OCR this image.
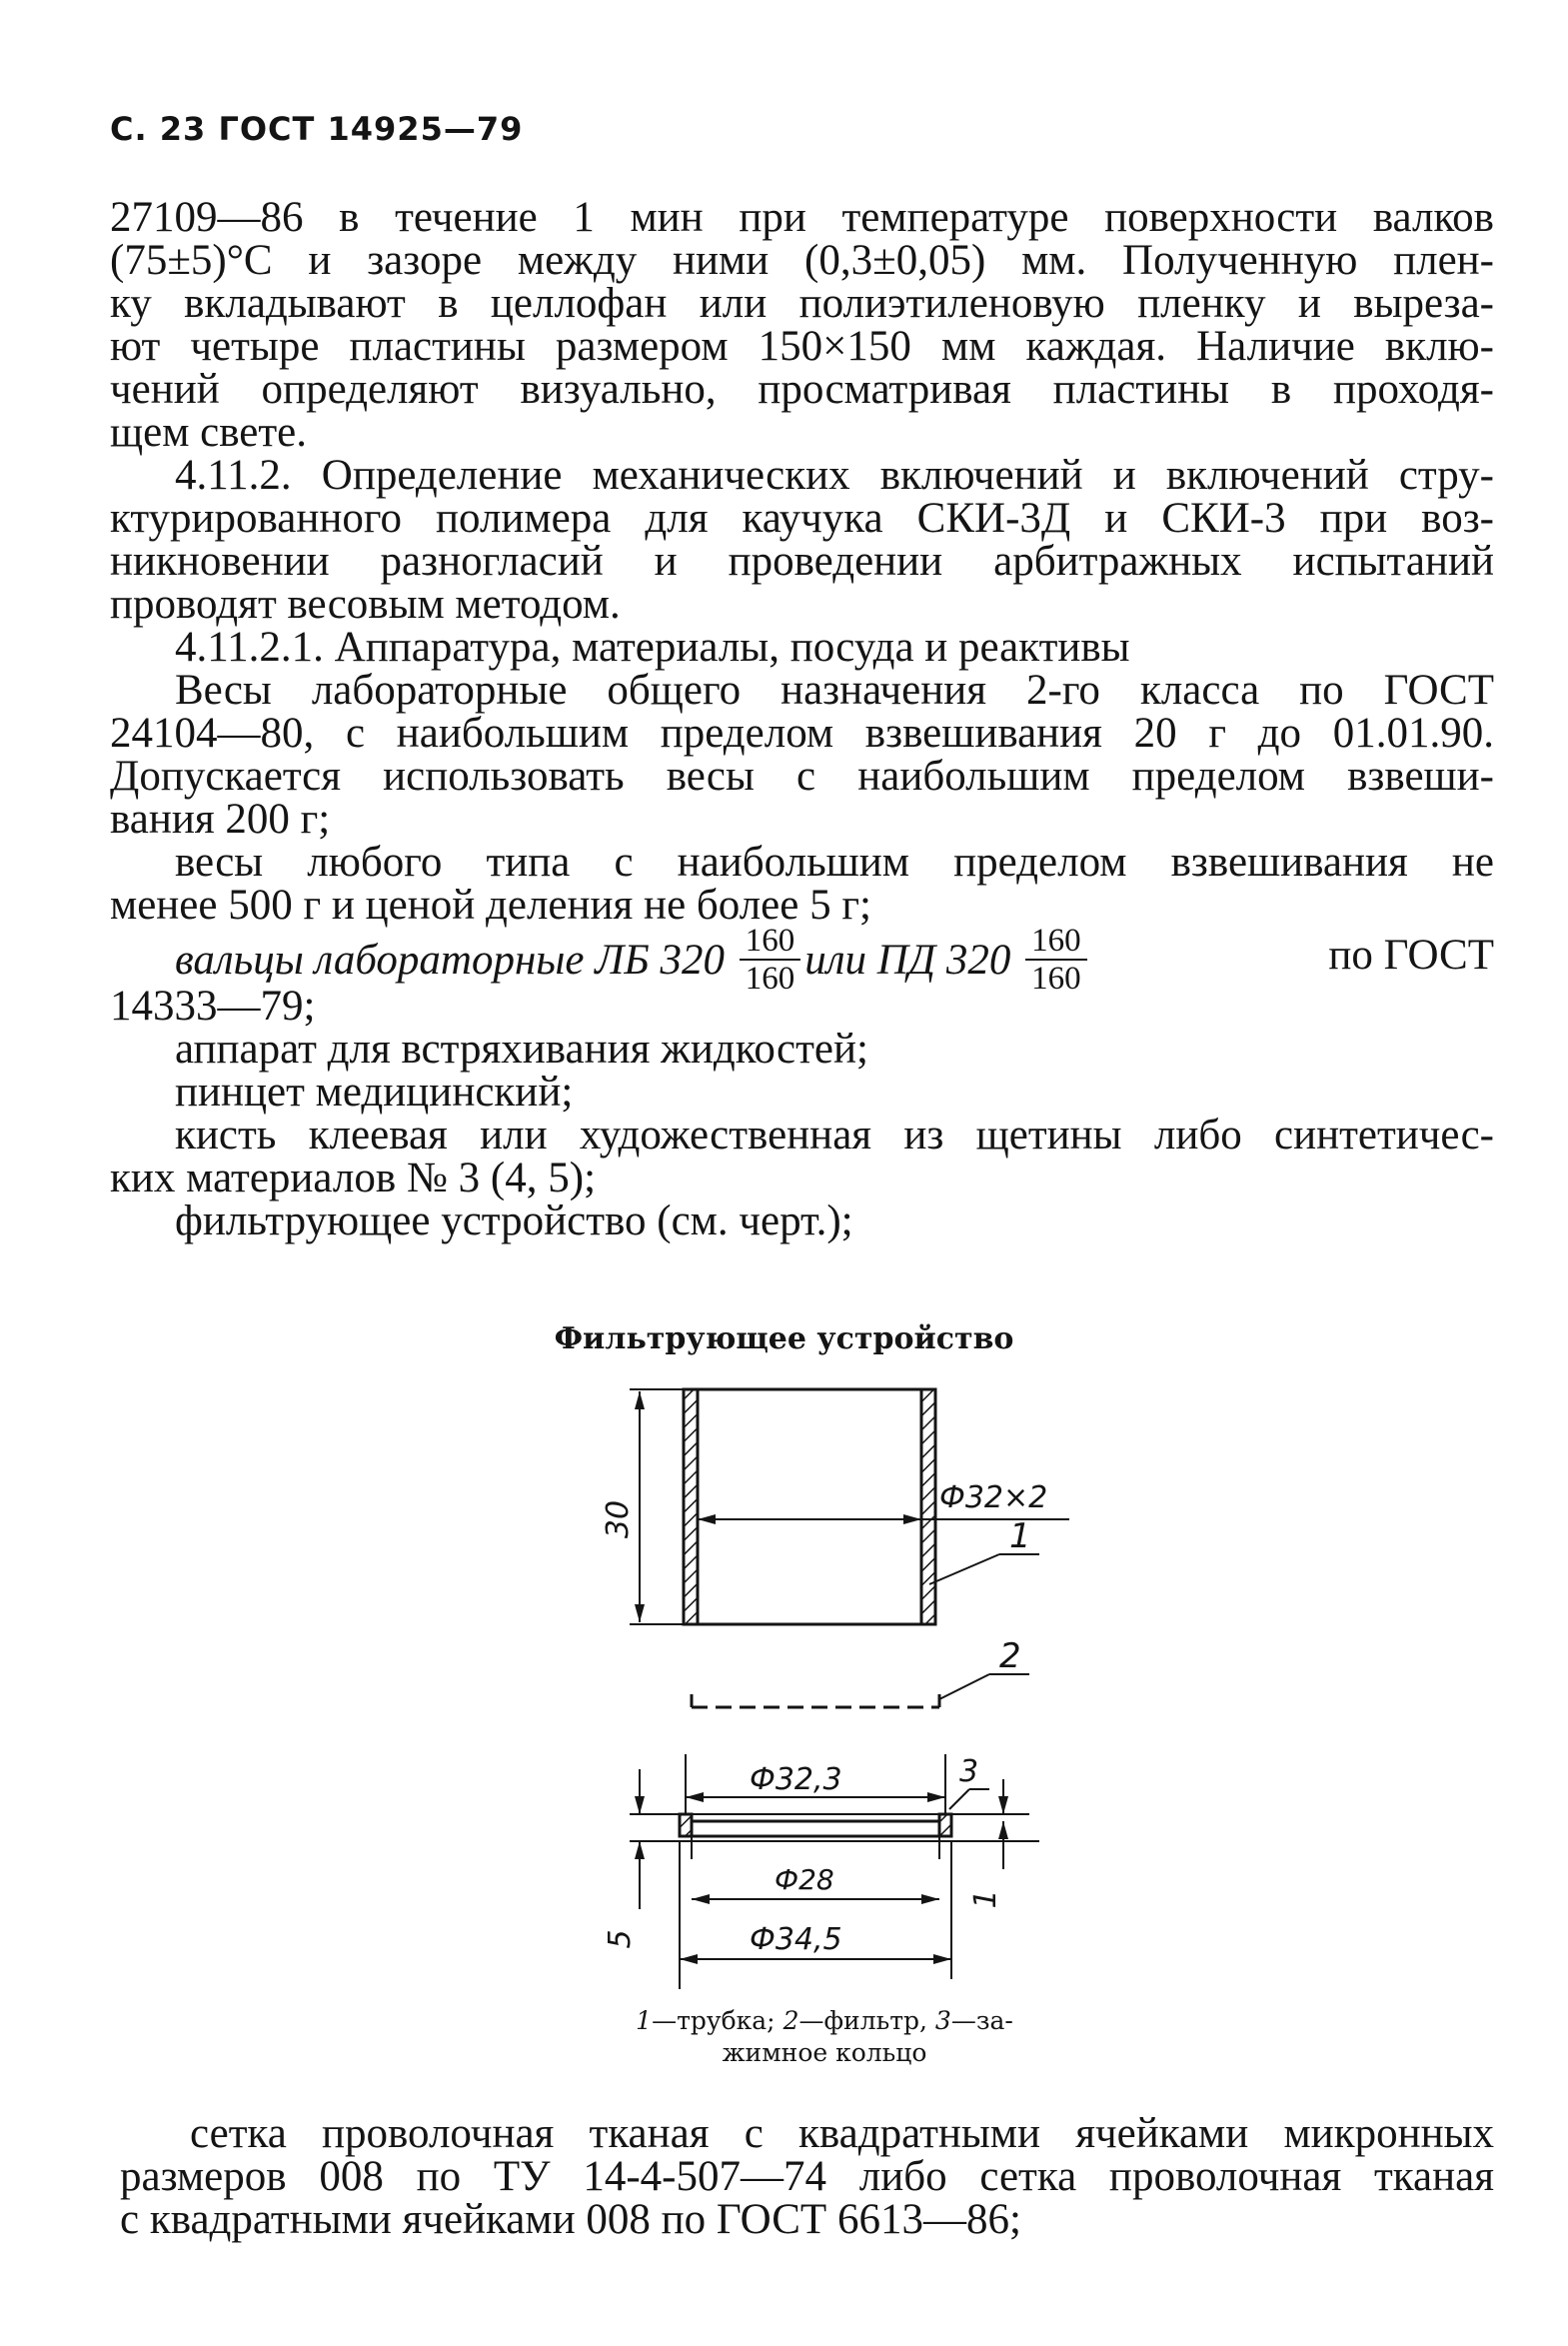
С. 23 ГОСТ 14925—79
27109—86 в течение 1 мин при температуре поверхности валков
(75±5)°С и зазоре между ними (0,3±0,05) мм. Полученную плен-
ку вкладывают в целлофан или полиэтиленовую пленку и выреза-
ют четыре пластины размером 150×150 мм каждая. Наличие вклю-
чений определяют визуально, просматривая пластины в проходя-
щем свете.
4.11.2. Определение механических включений и включений стру-
ктурированного полимера для каучука СКИ-3Д и СКИ-3 при воз-
никновении разногласий и проведении арбитражных испытаний
проводят весовым методом.
4.11.2.1. Аппаратура, материалы, посуда и реактивы
Весы лабораторные общего назначения 2-го класса по ГОСТ
24104—80, с наибольшим пределом взвешивания 20 г до 01.01.90.
Допускается использовать весы с наибольшим пределом взвеши-
вания 200 г;
весы любого типа с наибольшим пределом взвешивания не
менее 500 г и ценой деления не более 5 г;
вальцы лабораторные ЛБ $320 \frac{160}{160}$ или ПД $320 \frac{160}{160}$	по ГОСТ
14333—79;
аппарат для встряхивания жидкостей;
пинцет медицинский;
кисть клеевая или художественная из щетины либо синтетичес-
ких материалов № 3 (4, 5);
фильтрующее устройство (см. черт.);
Фильтрующее устройство
30
Ф32×2
1
2
Ф32,3
Ф28
Ф34,5
5
1
3
1—трубка; 2—фильтр, 3—за-
жимное кольцо
сетка проволочная тканая с квадратными ячейками микронных
размеров 008 по ТУ 14-4-507—74 либо сетка проволочная тканая
с квадратными ячейками 008 по ГОСТ 6613—86;
